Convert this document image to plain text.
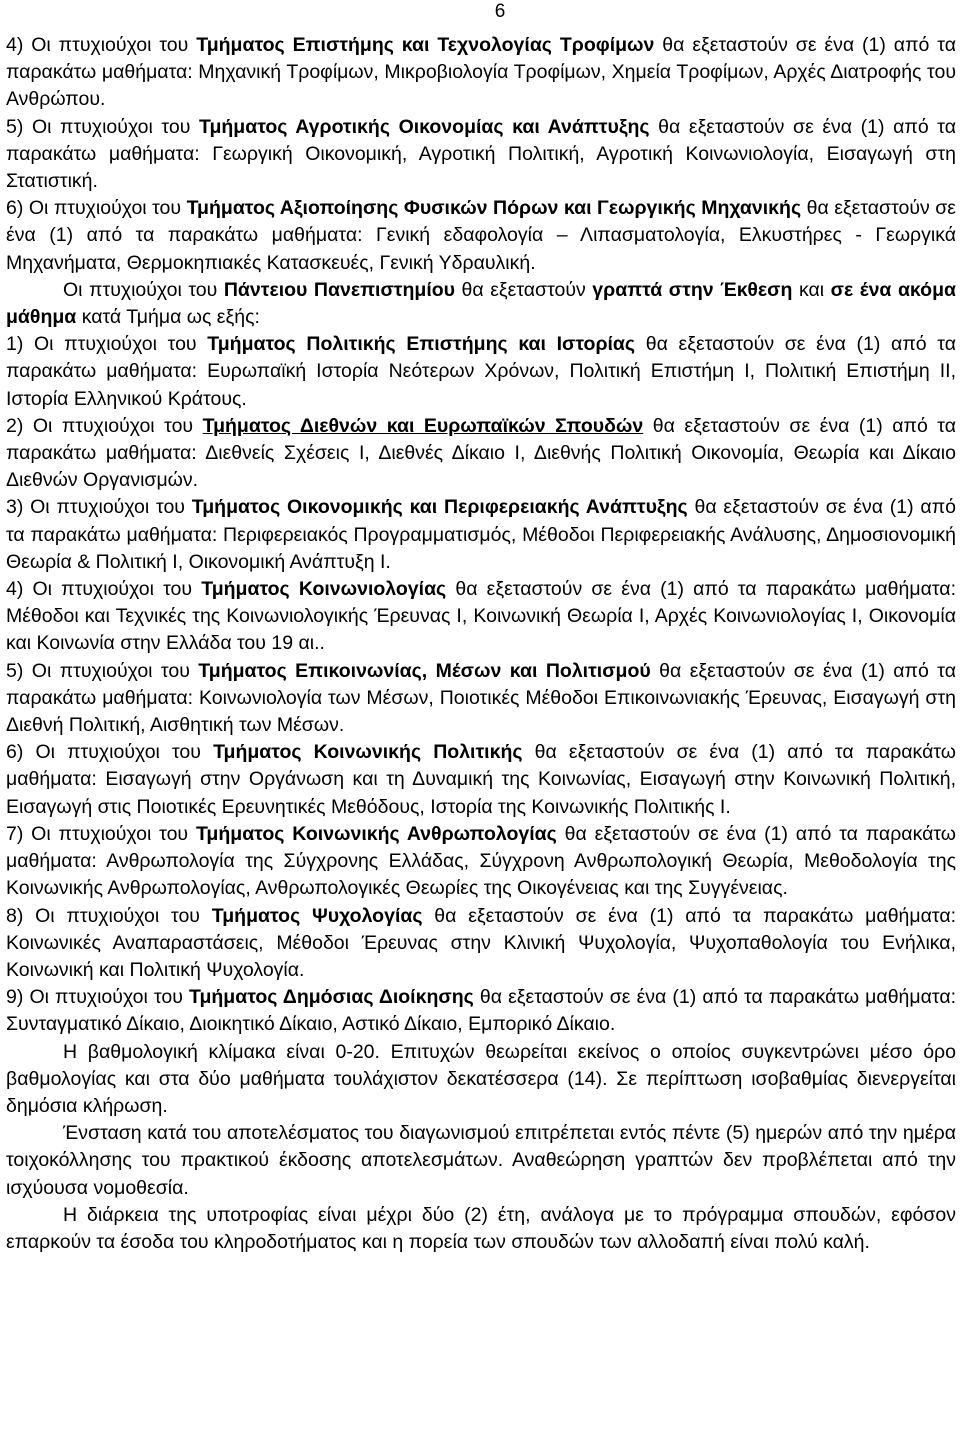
6

4) Οι πτυχιούχοι του Τμήματος Επιστήμης και Τεχνολογίας Τροφίμων θα εξεταστούν σε ένα (1) από τα παρακάτω μαθήματα: Μηχανική Τροφίμων, Μικροβιολογία Τροφίμων, Χημεία Τροφίμων, Αρχές Διατροφής του Ανθρώπου.

5) Οι πτυχιούχοι του Τμήματος Αγροτικής Οικονομίας και Ανάπτυξης θα εξεταστούν σε ένα (1) από τα παρακάτω μαθήματα: Γεωργική Οικονομική, Αγροτική Πολιτική, Αγροτική Κοινωνιολογία, Εισαγωγή στη Στατιστική.

6) Οι πτυχιούχοι του Τμήματος Αξιοποίησης Φυσικών Πόρων και Γεωργικής Μηχανικής θα εξεταστούν σε ένα (1) από τα παρακάτω μαθήματα: Γενική εδαφολογία – Λιπασματολογία, Ελκυστήρες - Γεωργικά Μηχανήματα, Θερμοκηπιακές Κατασκευές, Γενική Υδραυλική.

Οι πτυχιούχοι του Πάντειου Πανεπιστημίου θα εξεταστούν γραπτά στην Έκθεση και σε ένα ακόμα μάθημα κατά Τμήμα ως εξής:

1) Οι πτυχιούχοι του Τμήματος Πολιτικής Επιστήμης και Ιστορίας θα εξεταστούν σε ένα (1) από τα παρακάτω μαθήματα: Ευρωπαϊκή Ιστορία Νεότερων Χρόνων, Πολιτική Επιστήμη Ι, Πολιτική Επιστήμη ΙΙ, Ιστορία Ελληνικού Κράτους.

2) Οι πτυχιούχοι του Τμήματος Διεθνών και Ευρωπαϊκών Σπουδών θα εξεταστούν σε ένα (1) από τα παρακάτω μαθήματα: Διεθνείς Σχέσεις Ι, Διεθνές Δίκαιο Ι, Διεθνής Πολιτική Οικονομία, Θεωρία και Δίκαιο Διεθνών Οργανισμών.

3) Οι πτυχιούχοι του Τμήματος Οικονομικής και Περιφερειακής Ανάπτυξης θα εξεταστούν σε ένα (1) από τα παρακάτω μαθήματα: Περιφερειακός Προγραμματισμός, Μέθοδοι Περιφερειακής Ανάλυσης, Δημοσιονομική Θεωρία & Πολιτική Ι, Οικονομική Ανάπτυξη Ι.

4) Οι πτυχιούχοι του Τμήματος Κοινωνιολογίας θα εξεταστούν σε ένα (1) από τα παρακάτω μαθήματα: Μέθοδοι και Τεχνικές της Κοινωνιολογικής Έρευνας Ι, Κοινωνική Θεωρία Ι, Αρχές Κοινωνιολογίας Ι, Οικονομία και Κοινωνία στην Ελλάδα του 19 αι..

5) Οι πτυχιούχοι του Τμήματος Επικοινωνίας, Μέσων και Πολιτισμού θα εξεταστούν σε ένα (1) από τα παρακάτω μαθήματα: Κοινωνιολογία των Μέσων, Ποιοτικές Μέθοδοι Επικοινωνιακής Έρευνας, Εισαγωγή στη Διεθνή Πολιτική, Αισθητική των Μέσων.

6) Οι πτυχιούχοι του Τμήματος Κοινωνικής Πολιτικής θα εξεταστούν σε ένα (1) από τα παρακάτω μαθήματα: Εισαγωγή στην Οργάνωση και τη Δυναμική της Κοινωνίας, Εισαγωγή στην Κοινωνική Πολιτική, Εισαγωγή στις Ποιοτικές Ερευνητικές Μεθόδους, Ιστορία της Κοινωνικής Πολιτικής Ι.

7) Οι πτυχιούχοι του Τμήματος Κοινωνικής Ανθρωπολογίας θα εξεταστούν σε ένα (1) από τα παρακάτω μαθήματα: Ανθρωπολογία της Σύγχρονης Ελλάδας, Σύγχρονη Ανθρωπολογική Θεωρία, Μεθοδολογία της Κοινωνικής Ανθρωπολογίας, Ανθρωπολογικές Θεωρίες της Οικογένειας και της Συγγένειας.

8) Οι πτυχιούχοι του Τμήματος Ψυχολογίας θα εξεταστούν σε ένα (1) από τα παρακάτω μαθήματα: Κοινωνικές Αναπαραστάσεις, Μέθοδοι Έρευνας στην Κλινική Ψυχολογία, Ψυχοπαθολογία του Ενήλικα, Κοινωνική και Πολιτική Ψυχολογία.

9) Οι πτυχιούχοι του Τμήματος Δημόσιας Διοίκησης θα εξεταστούν σε ένα (1) από τα παρακάτω μαθήματα: Συνταγματικό Δίκαιο, Διοικητικό Δίκαιο, Αστικό Δίκαιο, Εμπορικό Δίκαιο.

Η βαθμολογική κλίμακα είναι 0-20. Επιτυχών θεωρείται εκείνος ο οποίος συγκεντρώνει μέσο όρο βαθμολογίας και στα δύο μαθήματα τουλάχιστον δεκατέσσερα (14). Σε περίπτωση ισοβαθμίας διενεργείται δημόσια κλήρωση.

Ένσταση κατά του αποτελέσματος του διαγωνισμού επιτρέπεται εντός πέντε (5) ημερών από την ημέρα τοιχοκόλλησης του πρακτικού έκδοσης αποτελεσμάτων. Αναθεώρηση γραπτών δεν προβλέπεται από την ισχύουσα νομοθεσία.

Η διάρκεια της υποτροφίας είναι μέχρι δύο (2) έτη, ανάλογα με το πρόγραμμα σπουδών, εφόσον επαρκούν τα έσοδα του κληροδοτήματος και η πορεία των σπουδών των αλλοδαπή είναι πολύ καλή.
